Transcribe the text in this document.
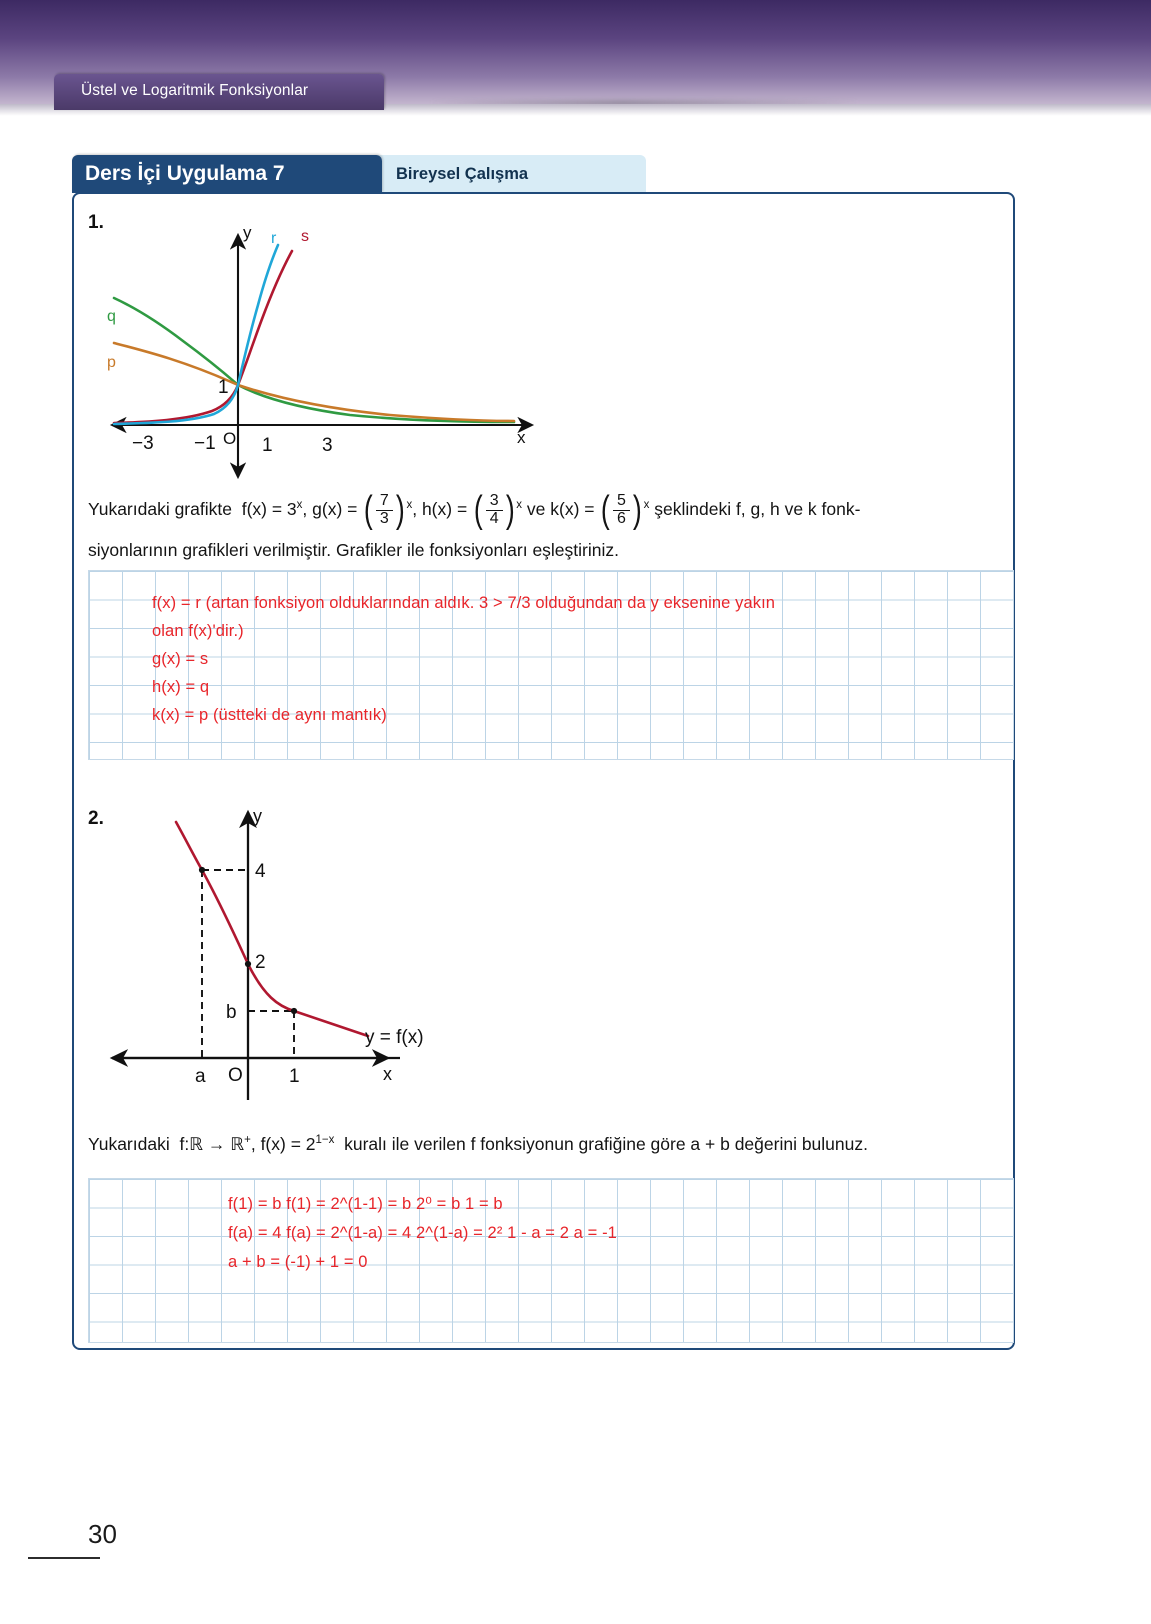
Üstel ve Logaritmik Fonksiyonlar
Bireysel Çalışma
Ders İçi Uygulama 7
1.
r s
q
p
y
x
O
−3 −1 1	3
1
Yukarıdaki grafikte $f(x) = 3^x$, g(x) = ( $\frac{7}{3}$ ) $^x$, h(x) = ( $\frac{3}{4}$ ) $^x$ ve k(x) = ( $\frac{5}{6}$ ) $^x$ şeklindeki f, g, h ve k fonk-
siyonlarının grafikleri verilmiştir. Grafikler ile fonksiyonları eşleştiriniz.
f(x) = r (artan fonksiyon olduklarından aldık. 3 > 7/3 olduğundan da y eksenine yakın
olan f(x)'dir.)
g(x) = s
h(x) = q
k(x) = p (üstteki de aynı mantık)
2.	y
x
4
2
b
a O 1
y = f(x)
Yukarıdaki f:ℝ → ℝ+, $f(x) = 2^{1-x}$ kuralı ile verilen f fonksiyonun grafiğine göre a + b değerini bulunuz.
f(1) = b f(1) = 2^(1-1) = b 2⁰ = b 1 = b
f(a) = 4 f(a) = 2^(1-a) = 4 2^(1-a) = 2² 1 - a = 2 a = -1
a + b = (-1) + 1 = 0
30
